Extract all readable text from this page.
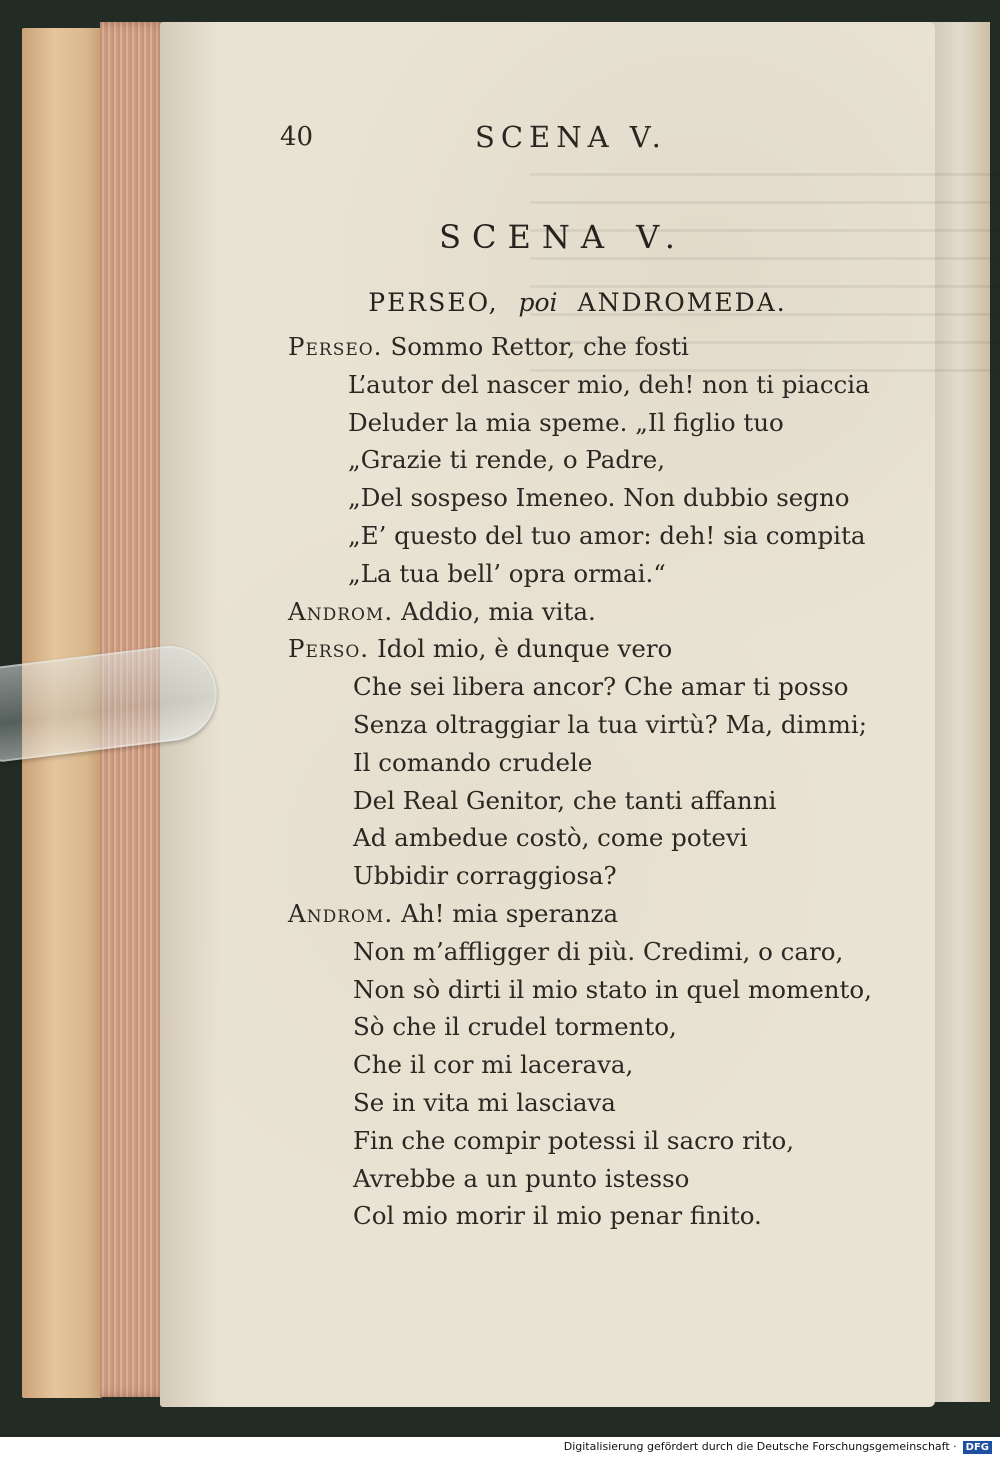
40	SCENA V.
SCENA V.
PERSEO, poi ANDROMEDA.
Perseo. Sommo Rettor, che fosti
L’autor del nascer mio, deh! non ti piaccia
Deluder la mia speme. „Il figlio tuo
„Grazie ti rende, o Padre,
„Del sospeso Imeneo. Non dubbio segno
„E’ questo del tuo amor: deh! sia compita
„La tua bell’ opra ormai.“
Androm. Addio, mia vita.
Perso. Idol mio, è dunque vero
Che sei libera ancor? Che amar ti posso
Senza oltraggiar la tua virtù? Ma, dimmi;
Il comando crudele
Del Real Genitor, che tanti affanni
Ad ambedue costò, come potevi
Ubbidir corraggiosa?
Androm. Ah! mia speranza
Non m’affligger di più. Credimi, o caro,
Non sò dirti il mio stato in quel momento,
Sò che il crudel tormento,
Che il cor mi lacerava,
Se in vita mi lasciava
Fin che compir potessi il sacro rito,
Avrebbe a un punto istesso
Col mio morir il mio penar finito.
Digitalisierung gefördert durch die Deutsche Forschungsgemeinschaft · DFG
